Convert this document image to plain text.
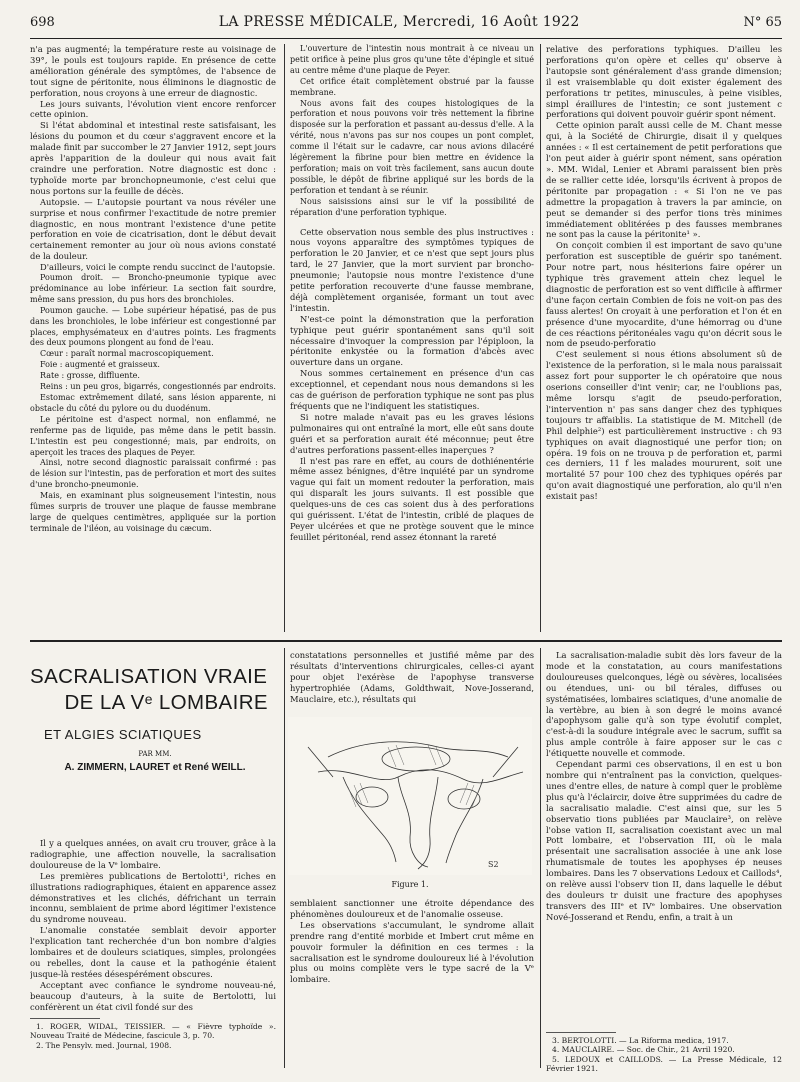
698	LA PRESSE MÉDICALE, Mercredi, 16 Août 1922	N° 65

n'a pas augmenté; la température reste au voisinage de 39°, le pouls est toujours rapide. En présence de cette amélioration générale des symptômes, de l'absence de tout signe de péritonite, nous éliminons le diagnostic de perforation, nous croyons à une erreur de diagnostic.

Les jours suivants, l'évolution vient encore renforcer cette opinion.

Si l'état abdominal et intestinal reste satisfaisant, les lésions du poumon et du cœur s'aggravent encore et la malade finit par succomber le 27 Janvier 1912, sept jours après l'apparition de la douleur qui nous avait fait craindre une perforation. Notre diagnostic est donc : typhoïde morte par bronchopneumonie, c'est celui que nous portons sur la feuille de décès.

Autopsie. — L'autopsie pourtant va nous révéler une surprise et nous confirmer l'exactitude de notre premier diagnostic, en nous montrant l'existence d'une petite perforation en voie de cicatrisation, dont le début devait certainement remonter au jour où nous avions constaté de la douleur.

D'ailleurs, voici le compte rendu succinct de l'autopsie.

Poumon droit. — Broncho-pneumonie typique avec prédominance au lobe inférieur. La section fait sourdre, même sans pression, du pus hors des bronchioles.

Poumon gauche. — Lobe supérieur hépatisé, pas de pus dans les bronchioles, le lobe inférieur est congestionné par places, emphysémateux en d'autres points. Les fragments des deux poumons plongent au fond de l'eau.

Cœur : paraît normal macroscopiquement.

Foie : augmenté et graisseux.

Rate : grosse, diffluente.

Reins : un peu gros, bigarrés, congestionnés par endroits.

Estomac extrêmement dilaté, sans lésion apparente, ni obstacle du côté du pylore ou du duodénum.

Le péritoine est d'aspect normal, non enflammé, ne renferme pas de liquide, pas même dans le petit bassin. L'intestin est peu congestionné; mais, par endroits, on aperçoit les traces des plaques de Peyer.

Ainsi, notre second diagnostic paraissait confirmé : pas de lésion sur l'intestin, pas de perforation et mort des suites d'une broncho-pneumonie.

Mais, en examinant plus soigneusement l'intestin, nous fûmes surpris de trouver une plaque de fausse membrane large de quelques centimètres, appliquée sur la portion terminale de l'iléon, au voisinage du cæcum.

L'ouverture de l'intestin nous montrait à ce niveau un petit orifice à peine plus gros qu'une tête d'épingle et situé au centre même d'une plaque de Peyer.

Cet orifice était complètement obstrué par la fausse membrane.

Nous avons fait des coupes histologiques de la perforation et nous pouvons voir très nettement la fibrine disposée sur la perforation et passant au-dessus d'elle. A la vérité, nous n'avons pas sur nos coupes un pont complet, comme il l'était sur le cadavre, car nous avions dilacéré légèrement la fibrine pour bien mettre en évidence la perforation; mais on voit très facilement, sans aucun doute possible, le dépôt de fibrine appliqué sur les bords de la perforation et tendant à se réunir.

Nous saisissions ainsi sur le vif la possibilité de réparation d'une perforation typhique.

Cette observation nous semble des plus instructives : nous voyons apparaître des symptômes typiques de perforation le 20 Janvier, et ce n'est que sept jours plus tard, le 27 Janvier, que la mort survient par broncho-pneumonie; l'autopsie nous montre l'existence d'une petite perforation recouverte d'une fausse membrane, déjà complètement organisée, formant un tout avec l'intestin.

N'est-ce point la démonstration que la perforation typhique peut guérir spontanément sans qu'il soit nécessaire d'invoquer la compression par l'épiploon, la péritonite enkystée ou la formation d'abcès avec ouverture dans un organe.

Nous sommes certainement en présence d'un cas exceptionnel, et cependant nous nous demandons si les cas de guérison de perforation typhique ne sont pas plus fréquents que ne l'indiquent les statistiques.

Si notre malade n'avait pas eu les graves lésions pulmonaires qui ont entraîné la mort, elle eût sans doute guéri et sa perforation aurait été méconnue; peut être d'autres perforations passent-elles inaperçues ?

Il n'est pas rare en effet, au cours de dothiénentérie même assez bénignes, d'être inquiété par un syndrome vague qui fait un moment redouter la perforation, mais qui disparaît les jours suivants. Il est possible que quelques-uns de ces cas soient dus à des perforations qui guérissent. L'état de l'intestin, criblé de plaques de Peyer ulcérées et que ne protège souvent que le mince feuillet péritonéal, rend assez étonnant la rareté

relative des perforations typhiques. D'ailleu les perforations qu'on opère et celles qu' observe à l'autopsie sont généralement d'ass grande dimension; il est vraisemblable qu doit exister également des perforations tr petites, minuscules, à peine visibles, simpl éraillures de l'intestin; ce sont justement c perforations qui doivent pouvoir guérir spont nément.

Cette opinion paraît aussi celle de M. Chant messe qui, à la Société de Chirurgie, disait il y quelques années : « Il est certainement de petit perforations que l'on peut aider à guérir spont nément, sans opération ». MM. Widal, Lenier et Abrami paraissent bien près de se rallier cette idée, lorsqu'ils écrivent à propos de péritonite par propagation : « Si l'on ne ve pas admettre la propagation à travers la par amincie, on peut se demander si des perfor tions très minimes immédiatement oblitérées p des fausses membranes ne sont pas la cause la péritonite¹ ».

On conçoit combien il est important de savo qu'une perforation est susceptible de guérir spo tanément. Pour notre part, nous hésiterions faire opérer un typhique très gravement attein chez lequel le diagnostic de perforation est so vent difficile à affirmer d'une façon certain Combien de fois ne voit-on pas des fauss alertes! On croyait à une perforation et l'on ét en présence d'une myocardite, d'une hémorrag ou d'une de ces réactions péritonéales vagu qu'on décrit sous le nom de pseudo-perforatio

C'est seulement si nous étions absolument sû de l'existence de la perforation, si le mala nous paraissait assez fort pour supporter le ch opératoire que nous oserions conseiller d'int venir; car, ne l'oublions pas, même lorsqu s'agit de pseudo-perforation, l'intervention n' pas sans danger chez des typhiques toujours tr affaiblis. La statistique de M. Mitchell (de Phil delphie²) est particulièrement instructive : ch 93 typhiques on avait diagnostiqué une perfor tion; on opéra. 19 fois on ne trouva p de perforation et, parmi ces derniers, 11 f les malades moururent, soit une mortalité 57 pour 100 chez des typhiques opérés par qu'on avait diagnostiqué une perforation, alo qu'il n'en existait pas!

SACRALISATION VRAIE

DE LA Vᵉ LOMBAIRE

ET ALGIES SCIATIQUES

PAR MM.
A. ZIMMERN, LAURET et René WEILL.

Il y a quelques années, on avait cru trouver, grâce à la radiographie, une affection nouvelle, la sacralisation douloureuse de la Vᵉ lombaire.

Les premières publications de Bertolotti¹, riches en illustrations radiographiques, étaient en apparence assez démonstratives et les clichés, défrichant un terrain inconnu, semblaient de prime abord légitimer l'existence du syndrome nouveau.

L'anomalie constatée semblait devoir apporter l'explication tant recherchée d'un bon nombre d'algies lombaires et de douleurs sciatiques, simples, prolongées ou rebelles, dont la cause et la pathogénie étaient jusque-là restées désespérément obscures.

Acceptant avec confiance le syndrome nouveau-né, beaucoup d'auteurs, à la suite de Bertolotti, lui conférèrent un état civil fondé sur des

1. ROGER, WIDAL, TEISSIER. — « Fièvre typhoïde ». Nouveau Traité de Médecine, fascicule 3, p. 70.

2. The Pensylv. med. Journal, 1908.

constatations personnelles et justifié même par des résultats d'interventions chirurgicales, celles-ci ayant pour objet l'exérèse de l'apophyse transverse hypertrophiée (Adams, Goldthwait, Nove-Josserand, Mauclaire, etc.), résultats qui

S2
Figure 1.

semblaient sanctionner une étroite dépendance des phénomènes douloureux et de l'anomalie osseuse.

Les observations s'accumulant, le syndrome allait prendre rang d'entité morbide et Imbert crut même en pouvoir formuler la définition en ces termes : la sacralisation est le syndrome douloureux lié à l'évolution plus ou moins complète vers le type sacré de la Vᵉ lombaire.

La sacralisation-maladie subit dès lors faveur de la mode et la constatation, au cours manifestations douloureuses quelconques, légè ou sévères, localisées ou étendues, uni- ou bil térales, diffuses ou systématisées, lombaires sciatiques, d'une anomalie de la vertèbre, au bien à son degré le moins avancé d'apophysom galie qu'à son type évolutif complet, c'est-à-di la soudure intégrale avec le sacrum, suffit sa plus ample contrôle à faire apposer sur le cas c l'étiquette nouvelle et commode.

Cependant parmi ces observations, il en est u bon nombre qui n'entraînent pas la conviction, quelques-unes d'entre elles, de nature à compl quer le problème plus qu'à l'éclaircir, doive être supprimées du cadre de la sacralisatio maladie. C'est ainsi que, sur les 5 observatio tions publiées par Mauclaire³, on relève l'obse vation II, sacralisation coexistant avec un mal Pott lombaire, et l'observation III, où le mala présentait une sacralisation associée à une ank lose rhumatismale de toutes les apophyses ép neuses lombaires. Dans les 7 observations Ledoux et Caillods⁴, on relève aussi l'observ tion II, dans laquelle le début des douleurs tr duisit une fracture des apophyses transvers des IIIᵉ et IVᵉ lombaires. Une observation Nové-Josserand et Rendu, enfin, a trait à un

3. BERTOLOTTI. — La Riforma medica, 1917.

4. MAUCLAIRE. — Soc. de Chir., 21 Avril 1920.

5. LEDOUX et CAILLODS. — La Presse Médicale, 12 Février 1921.
